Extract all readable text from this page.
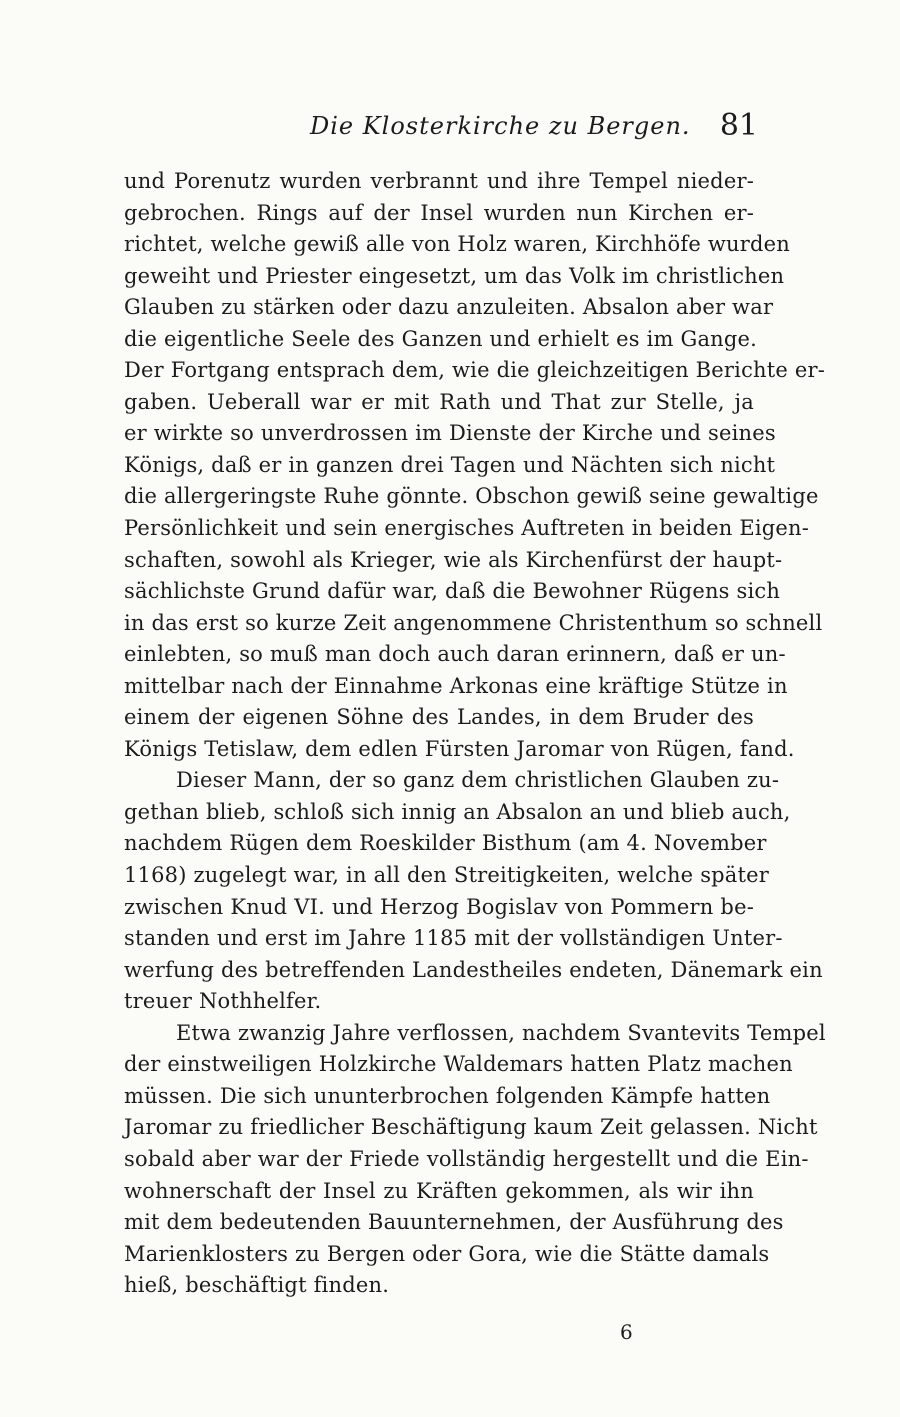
Die Klosterkirche zu Bergen. 81
und Porenutz wurden verbrannt und ihre Tempel nieder-
gebrochen. Rings auf der Insel wurden nun Kirchen er-
richtet, welche gewiß alle von Holz waren, Kirchhöfe wurden
geweiht und Priester eingesetzt, um das Volk im christlichen
Glauben zu stärken oder dazu anzuleiten. Absalon aber war
die eigentliche Seele des Ganzen und erhielt es im Gange.
Der Fortgang entsprach dem, wie die gleichzeitigen Berichte er-
gaben. Ueberall war er mit Rath und That zur Stelle, ja
er wirkte so unverdrossen im Dienste der Kirche und seines
Königs, daß er in ganzen drei Tagen und Nächten sich nicht
die allergeringste Ruhe gönnte. Obschon gewiß seine gewaltige
Persönlichkeit und sein energisches Auftreten in beiden Eigen-
schaften, sowohl als Krieger, wie als Kirchenfürst der haupt-
sächlichste Grund dafür war, daß die Bewohner Rügens sich
in das erst so kurze Zeit angenommene Christenthum so schnell
einlebten, so muß man doch auch daran erinnern, daß er un-
mittelbar nach der Einnahme Arkonas eine kräftige Stütze in
einem der eigenen Söhne des Landes, in dem Bruder des
Königs Tetislaw, dem edlen Fürsten Jaromar von Rügen, fand.
Dieser Mann, der so ganz dem christlichen Glauben zu-
gethan blieb, schloß sich innig an Absalon an und blieb auch,
nachdem Rügen dem Roeskilder Bisthum (am 4. November
1168) zugelegt war, in all den Streitigkeiten, welche später
zwischen Knud VI. und Herzog Bogislav von Pommern be-
standen und erst im Jahre 1185 mit der vollständigen Unter-
werfung des betreffenden Landestheiles endeten, Dänemark ein
treuer Nothhelfer.
Etwa zwanzig Jahre verflossen, nachdem Svantevits Tempel
der einstweiligen Holzkirche Waldemars hatten Platz machen
müssen. Die sich ununterbrochen folgenden Kämpfe hatten
Jaromar zu friedlicher Beschäftigung kaum Zeit gelassen. Nicht
sobald aber war der Friede vollständig hergestellt und die Ein-
wohnerschaft der Insel zu Kräften gekommen, als wir ihn
mit dem bedeutenden Bauunternehmen, der Ausführung des
Marienklosters zu Bergen oder Gora, wie die Stätte damals
hieß, beschäftigt finden.
6
